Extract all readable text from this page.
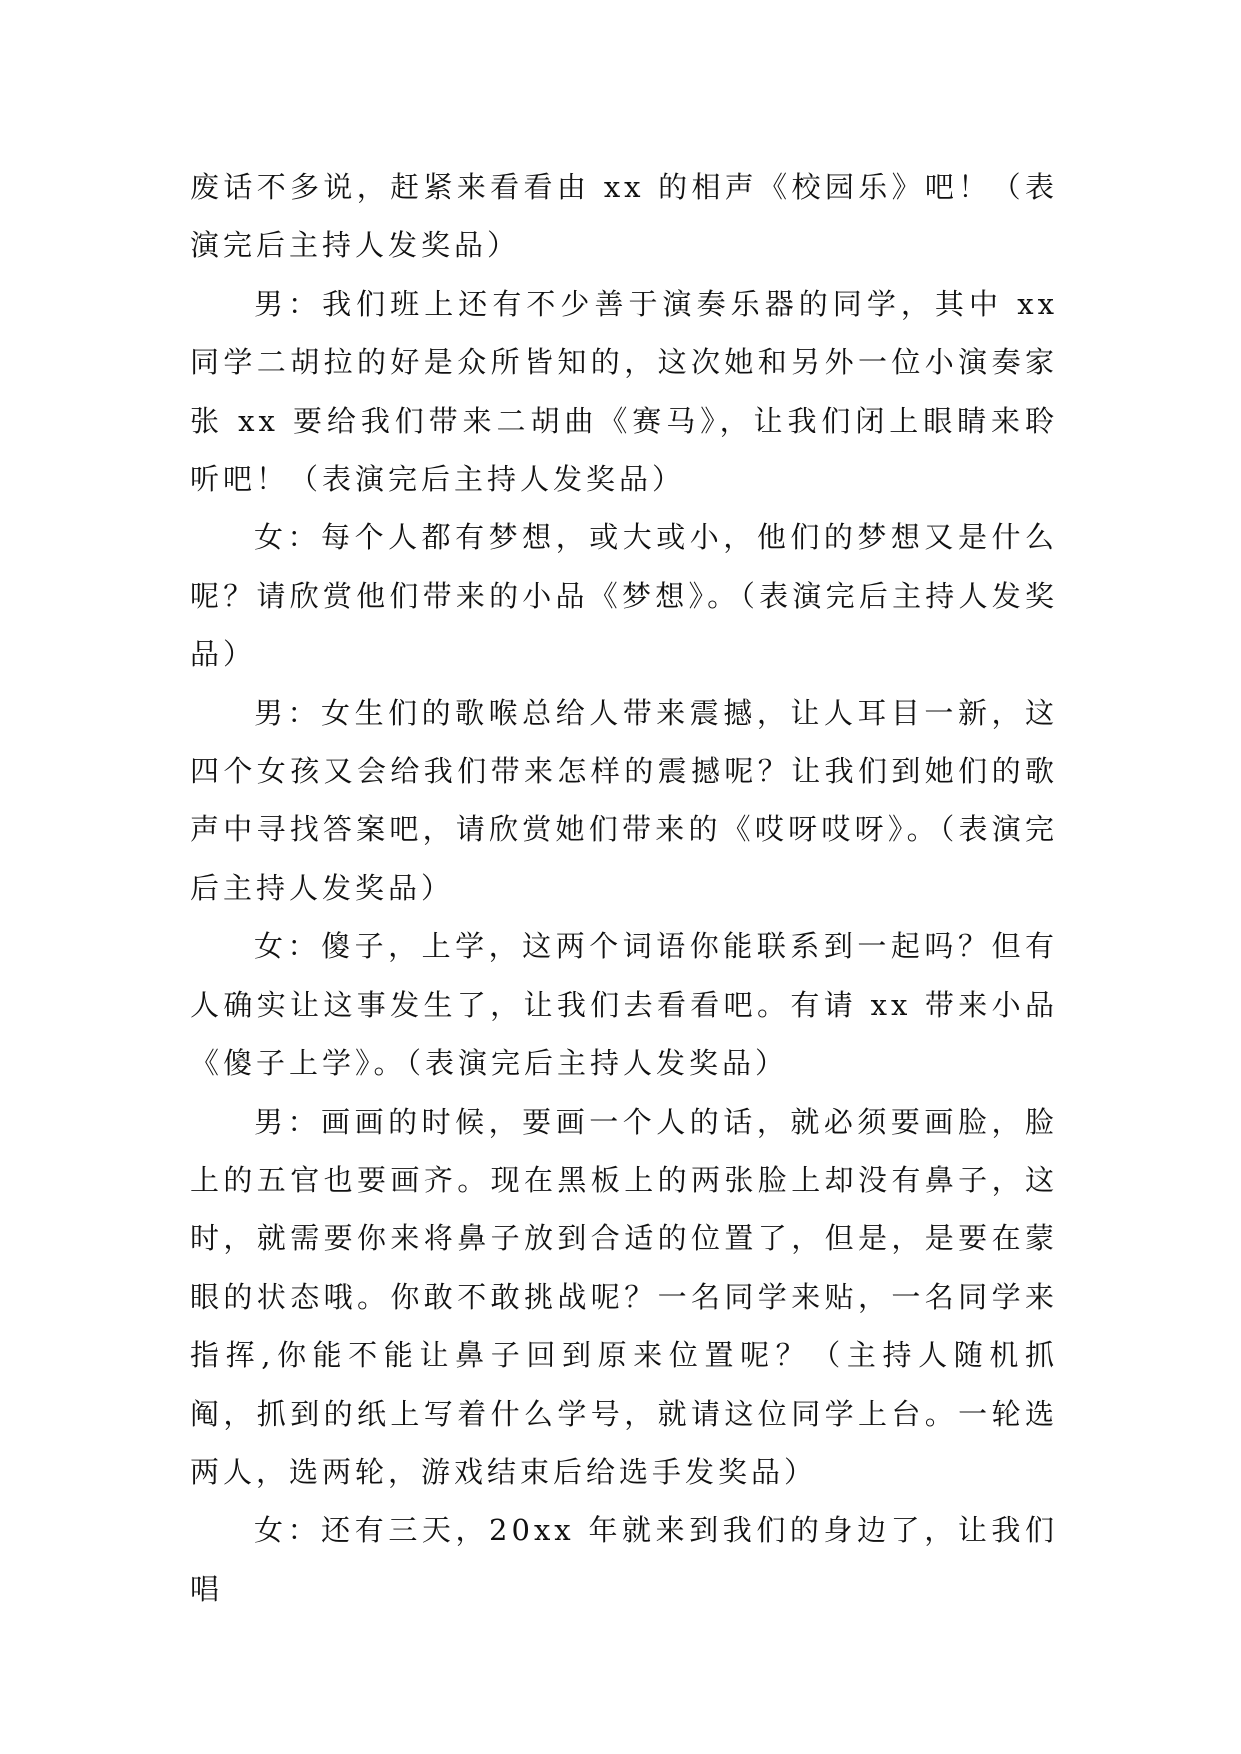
废话不多说，赶紧来看看由 xx 的相声《校园乐》吧！（表演完后主持人发奖品）

男：我们班上还有不少善于演奏乐器的同学，其中 xx 同学二胡拉的好是众所皆知的，这次她和另外一位小演奏家张 xx 要给我们带来二胡曲《赛马》，让我们闭上眼睛来聆听吧！（表演完后主持人发奖品）

女：每个人都有梦想，或大或小，他们的梦想又是什么呢？请欣赏他们带来的小品《梦想》。（表演完后主持人发奖品）

男：女生们的歌喉总给人带来震撼，让人耳目一新，这四个女孩又会给我们带来怎样的震撼呢？让我们到她们的歌声中寻找答案吧，请欣赏她们带来的《哎呀哎呀》。（表演完后主持人发奖品）

女：傻子，上学，这两个词语你能联系到一起吗？但有人确实让这事发生了，让我们去看看吧。有请 xx 带来小品《傻子上学》。（表演完后主持人发奖品）

男：画画的时候，要画一个人的话，就必须要画脸，脸上的五官也要画齐。现在黑板上的两张脸上却没有鼻子，这时，就需要你来将鼻子放到合适的位置了，但是，是要在蒙眼的状态哦。你敢不敢挑战呢？一名同学来贴，一名同学来指挥,你能不能让鼻子回到原来位置呢？（主持人随机抓阄，抓到的纸上写着什么学号，就请这位同学上台。一轮选两人，选两轮，游戏结束后给选手发奖品）

女：还有三天，20xx 年就来到我们的身边了，让我们唱
